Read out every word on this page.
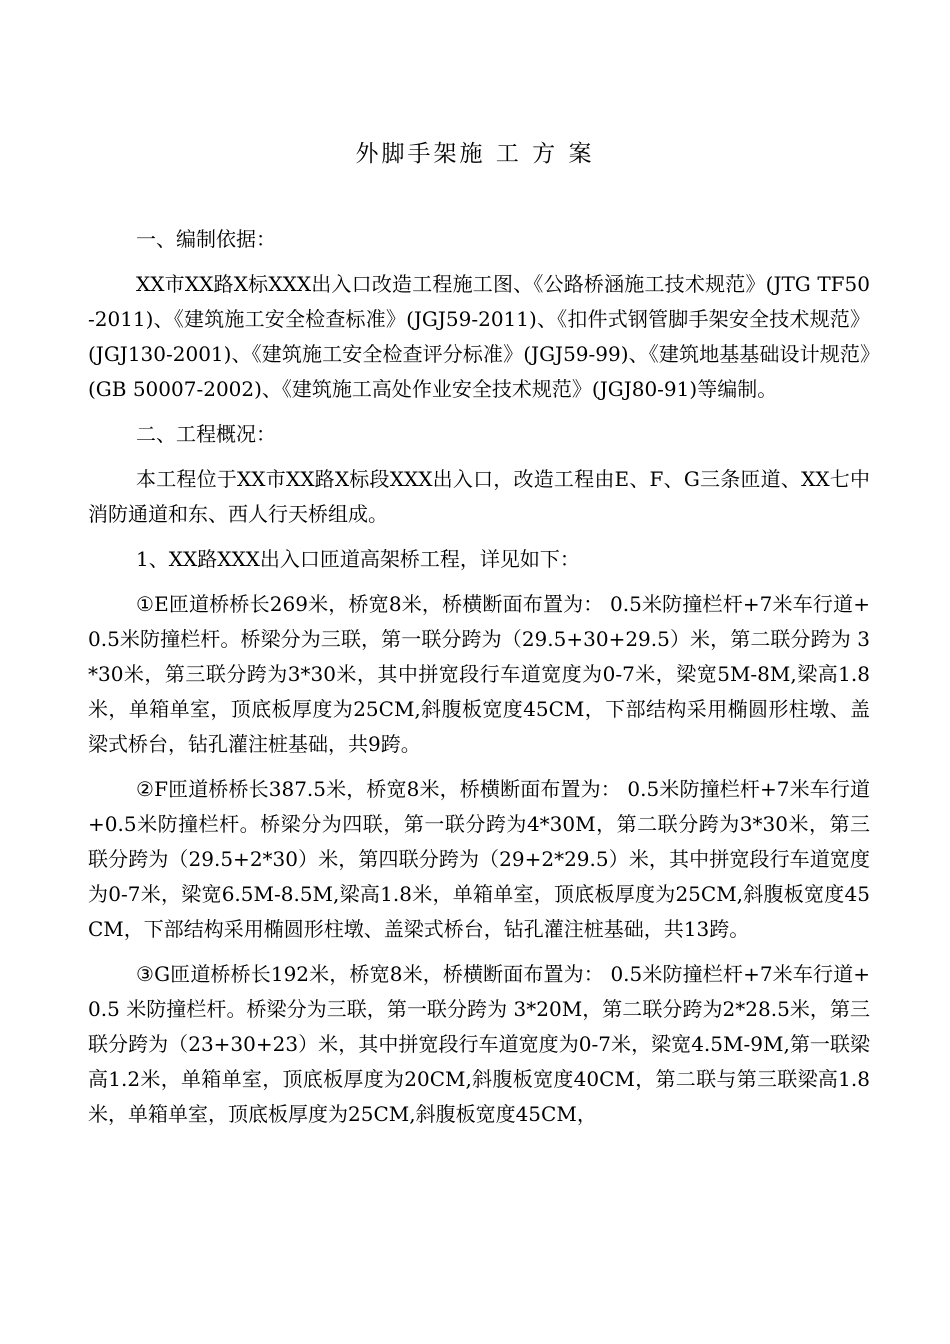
外脚手架施 工 方 案

一、编制依据：

XX市XX路X标XXX出入口改造工程施工图、《公路桥涵施工技术规范》(JTG TF50-2011)、《建筑施工安全检查标准》(JGJ59-2011)、《扣件式钢管脚手架安全技术规范》(JGJ130-2001)、《建筑施工安全检查评分标准》(JGJ59-99)、《建筑地基基础设计规范》(GB 50007-2002)、《建筑施工高处作业安全技术规范》(JGJ80-91)等编制。

二、工程概况：

本工程位于XX市XX路X标段XXX出入口，改造工程由E、F、G三条匝道、XX七中消防通道和东、西人行天桥组成。

1、XX路XXX出入口匝道高架桥工程，详见如下：

①E匝道桥桥长269米，桥宽8米，桥横断面布置为： 0.5米防撞栏杆+7米车行道+0.5米防撞栏杆。桥梁分为三联，第一联分跨为（29.5+30+29.5）米，第二联分跨为 3*30米，第三联分跨为3*30米，其中拼宽段行车道宽度为0-7米，梁宽5M-8M,梁高1.8米，单箱单室，顶底板厚度为25CM,斜腹板宽度45CM，下部结构采用椭圆形柱墩、盖梁式桥台，钻孔灌注桩基础，共9跨。

②F匝道桥桥长387.5米，桥宽8米，桥横断面布置为： 0.5米防撞栏杆+7米车行道+0.5米防撞栏杆。桥梁分为四联，第一联分跨为4*30M，第二联分跨为3*30米，第三联分跨为（29.5+2*30）米，第四联分跨为（29+2*29.5）米，其中拼宽段行车道宽度为0-7米，梁宽6.5M-8.5M,梁高1.8米，单箱单室，顶底板厚度为25CM,斜腹板宽度45CM，下部结构采用椭圆形柱墩、盖梁式桥台，钻孔灌注桩基础，共13跨。

③G匝道桥桥长192米，桥宽8米，桥横断面布置为： 0.5米防撞栏杆+7米车行道+0.5 米防撞栏杆。桥梁分为三联，第一联分跨为 3*20M，第二联分跨为2*28.5米，第三联分跨为（23+30+23）米，其中拼宽段行车道宽度为0-7米，梁宽4.5M-9M,第一联梁高1.2米，单箱单室，顶底板厚度为20CM,斜腹板宽度40CM，第二联与第三联梁高1.8米，单箱单室，顶底板厚度为25CM,斜腹板宽度45CM，
